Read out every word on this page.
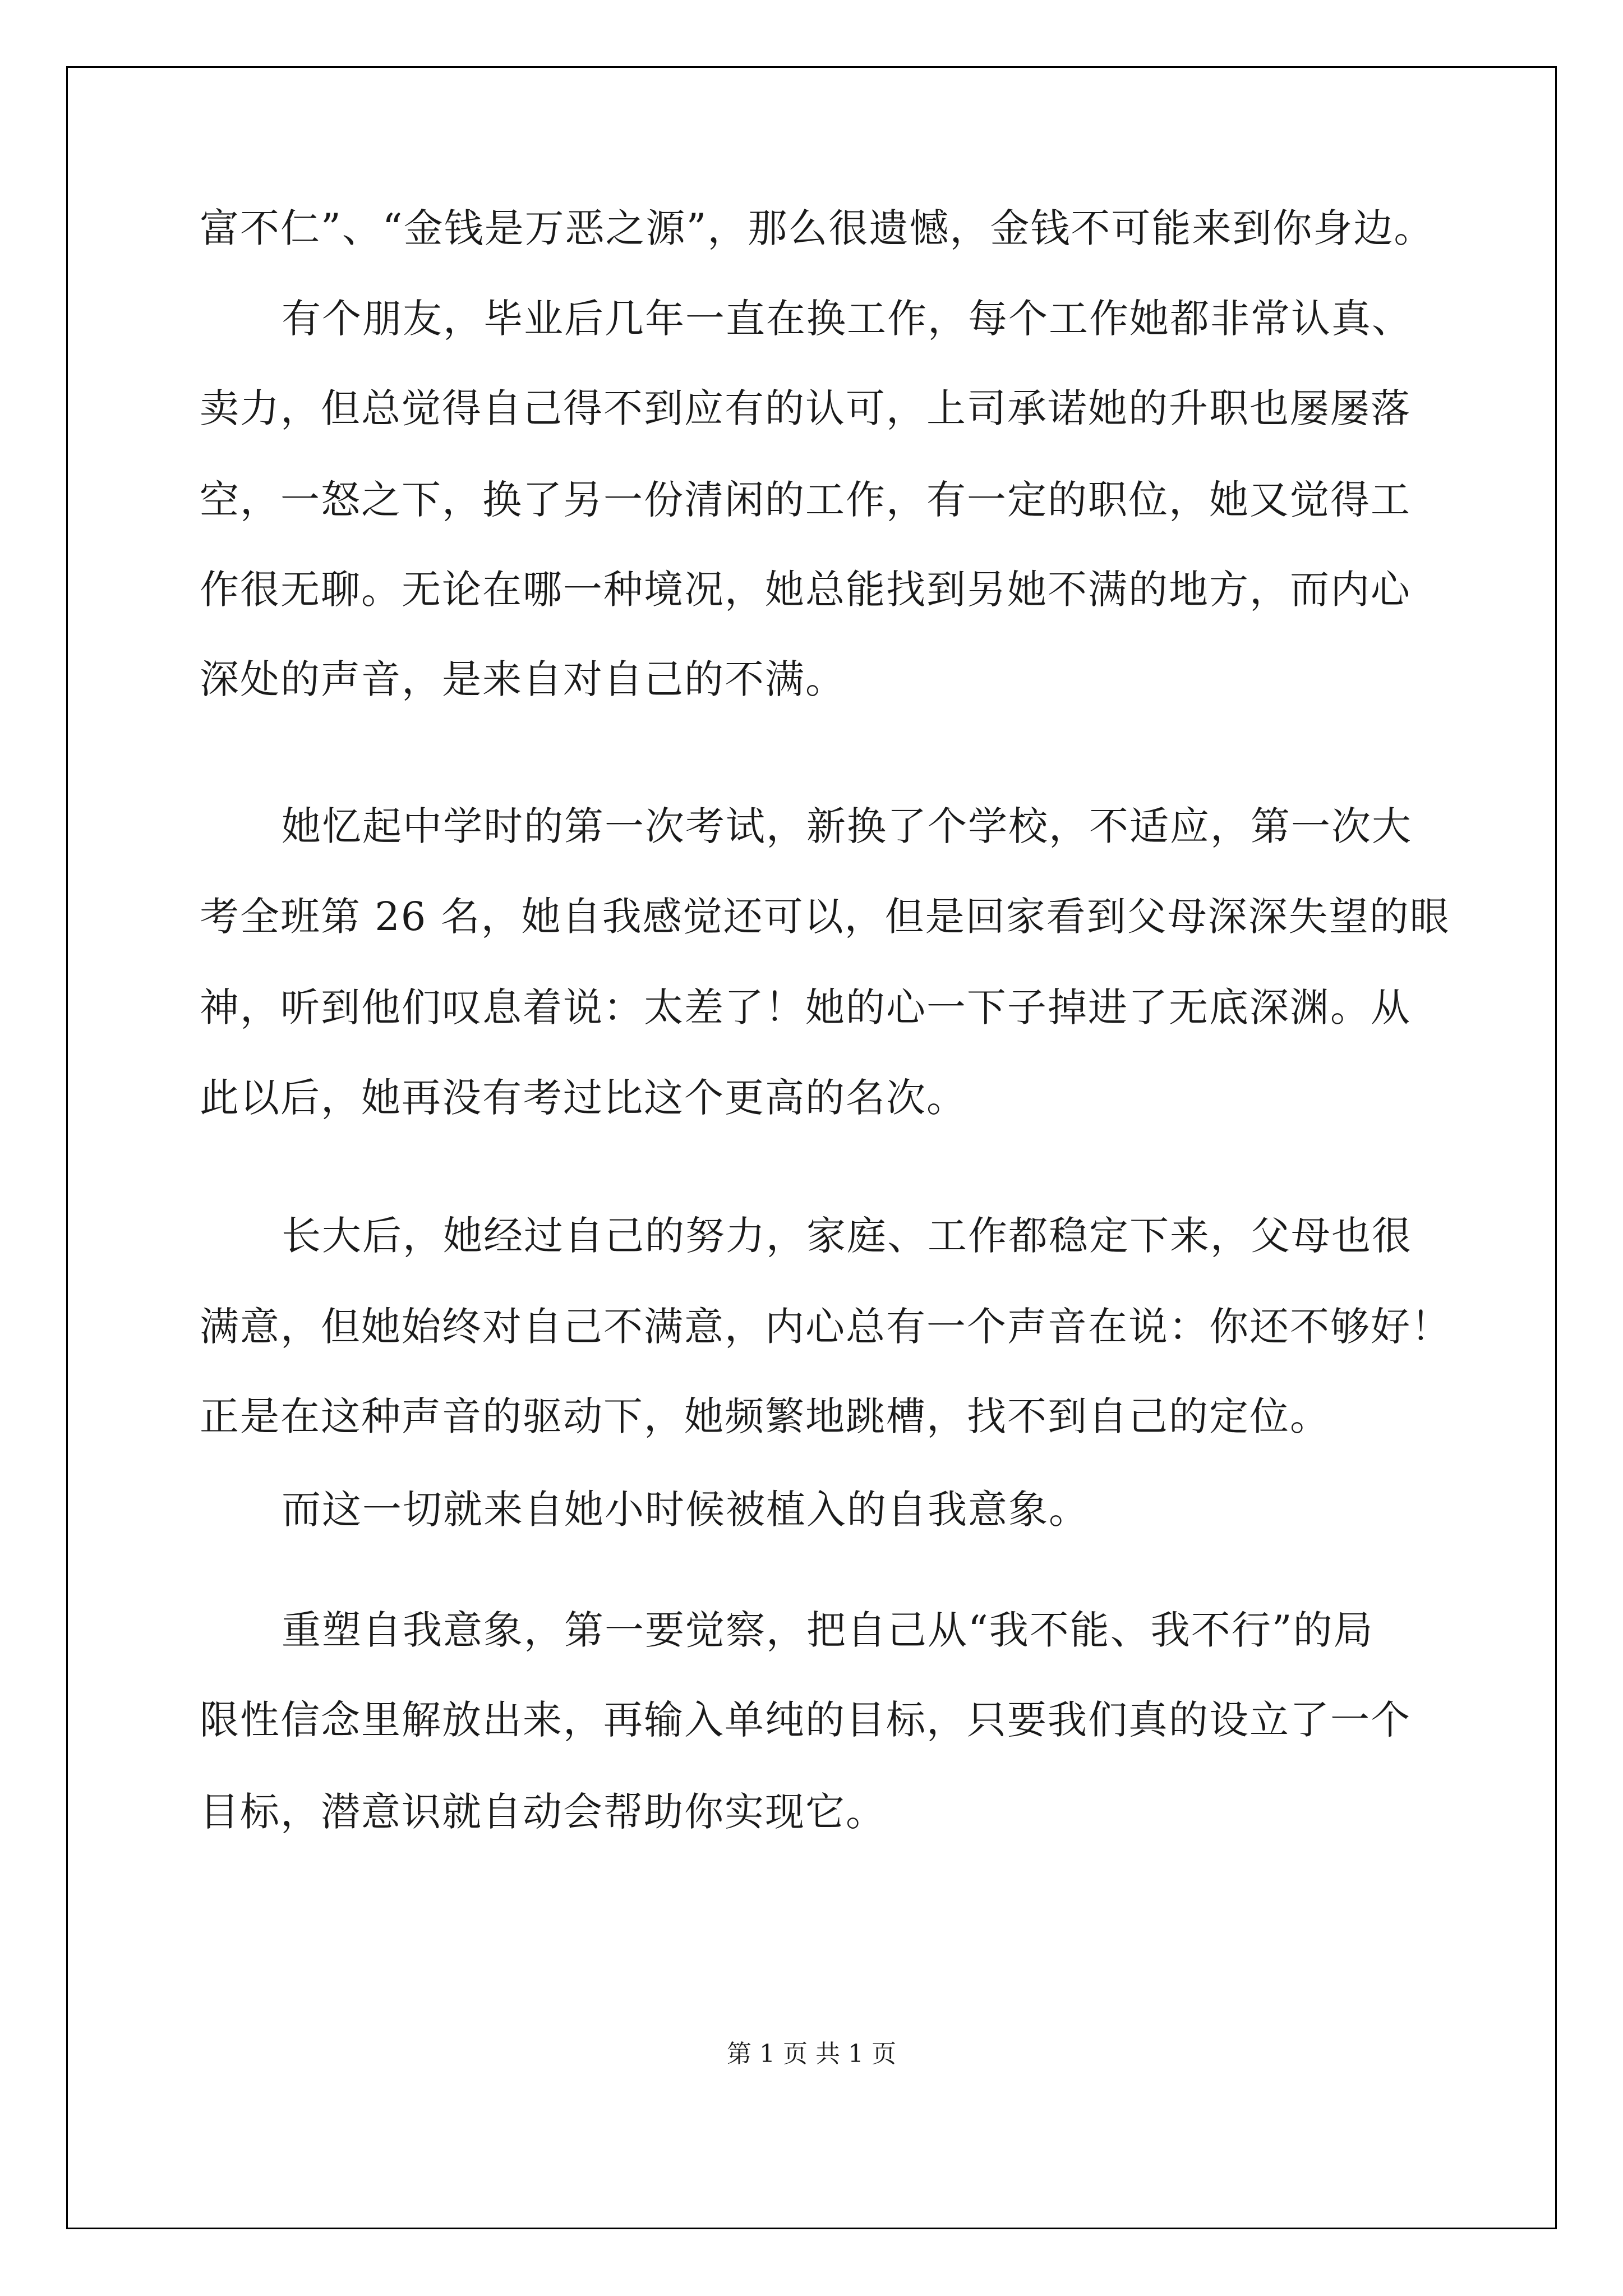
富不仁”、“金钱是万恶之源”，那么很遗憾，金钱不可能来到你身边。
有个朋友，毕业后几年一直在换工作，每个工作她都非常认真、
卖力，但总觉得自己得不到应有的认可，上司承诺她的升职也屡屡落
空，一怒之下，换了另一份清闲的工作，有一定的职位，她又觉得工
作很无聊。无论在哪一种境况，她总能找到另她不满的地方，而内心
深处的声音，是来自对自己的不满。
她忆起中学时的第一次考试，新换了个学校，不适应，第一次大
考全班第 26 名，她自我感觉还可以，但是回家看到父母深深失望的眼
神，听到他们叹息着说：太差了！她的心一下子掉进了无底深渊。从
此以后，她再没有考过比这个更高的名次。
长大后，她经过自己的努力，家庭、工作都稳定下来，父母也很
满意，但她始终对自己不满意，内心总有一个声音在说：你还不够好！
正是在这种声音的驱动下，她频繁地跳槽，找不到自己的定位。
而这一切就来自她小时候被植入的自我意象。
重塑自我意象，第一要觉察，把自己从“我不能、我不行”的局
限性信念里解放出来，再输入单纯的目标，只要我们真的设立了一个
目标，潜意识就自动会帮助你实现它。
第 1 页 共 1 页
